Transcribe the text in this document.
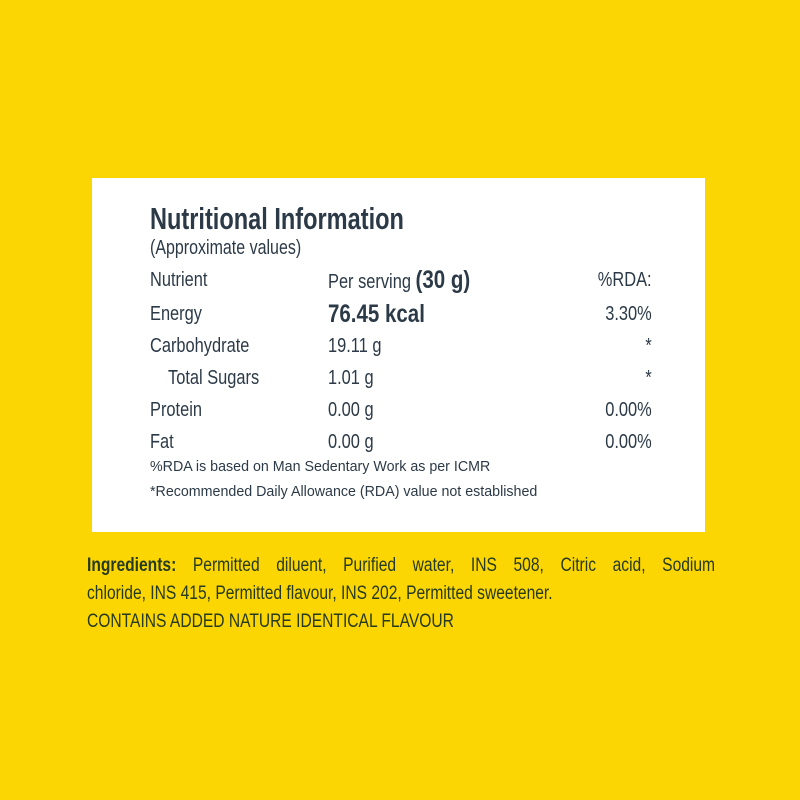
Nutritional Information
(Approximate values)
Nutrient	Per serving (30 g)	%RDA:
Energy	76.45 kcal	3.30%
Carbohydrate	19.11 g	*
Total Sugars	1.01 g	*
Protein	0.00 g	0.00%
Fat	0.00 g	0.00%
%RDA is based on Man Sedentary Work as per ICMR
*Recommended Daily Allowance (RDA) value not established
Ingredients: Permitted diluent, Purified water, INS 508, Citric acid, Sodium
chloride, INS 415, Permitted flavour, INS 202, Permitted sweetener.
CONTAINS ADDED NATURE IDENTICAL FLAVOUR
